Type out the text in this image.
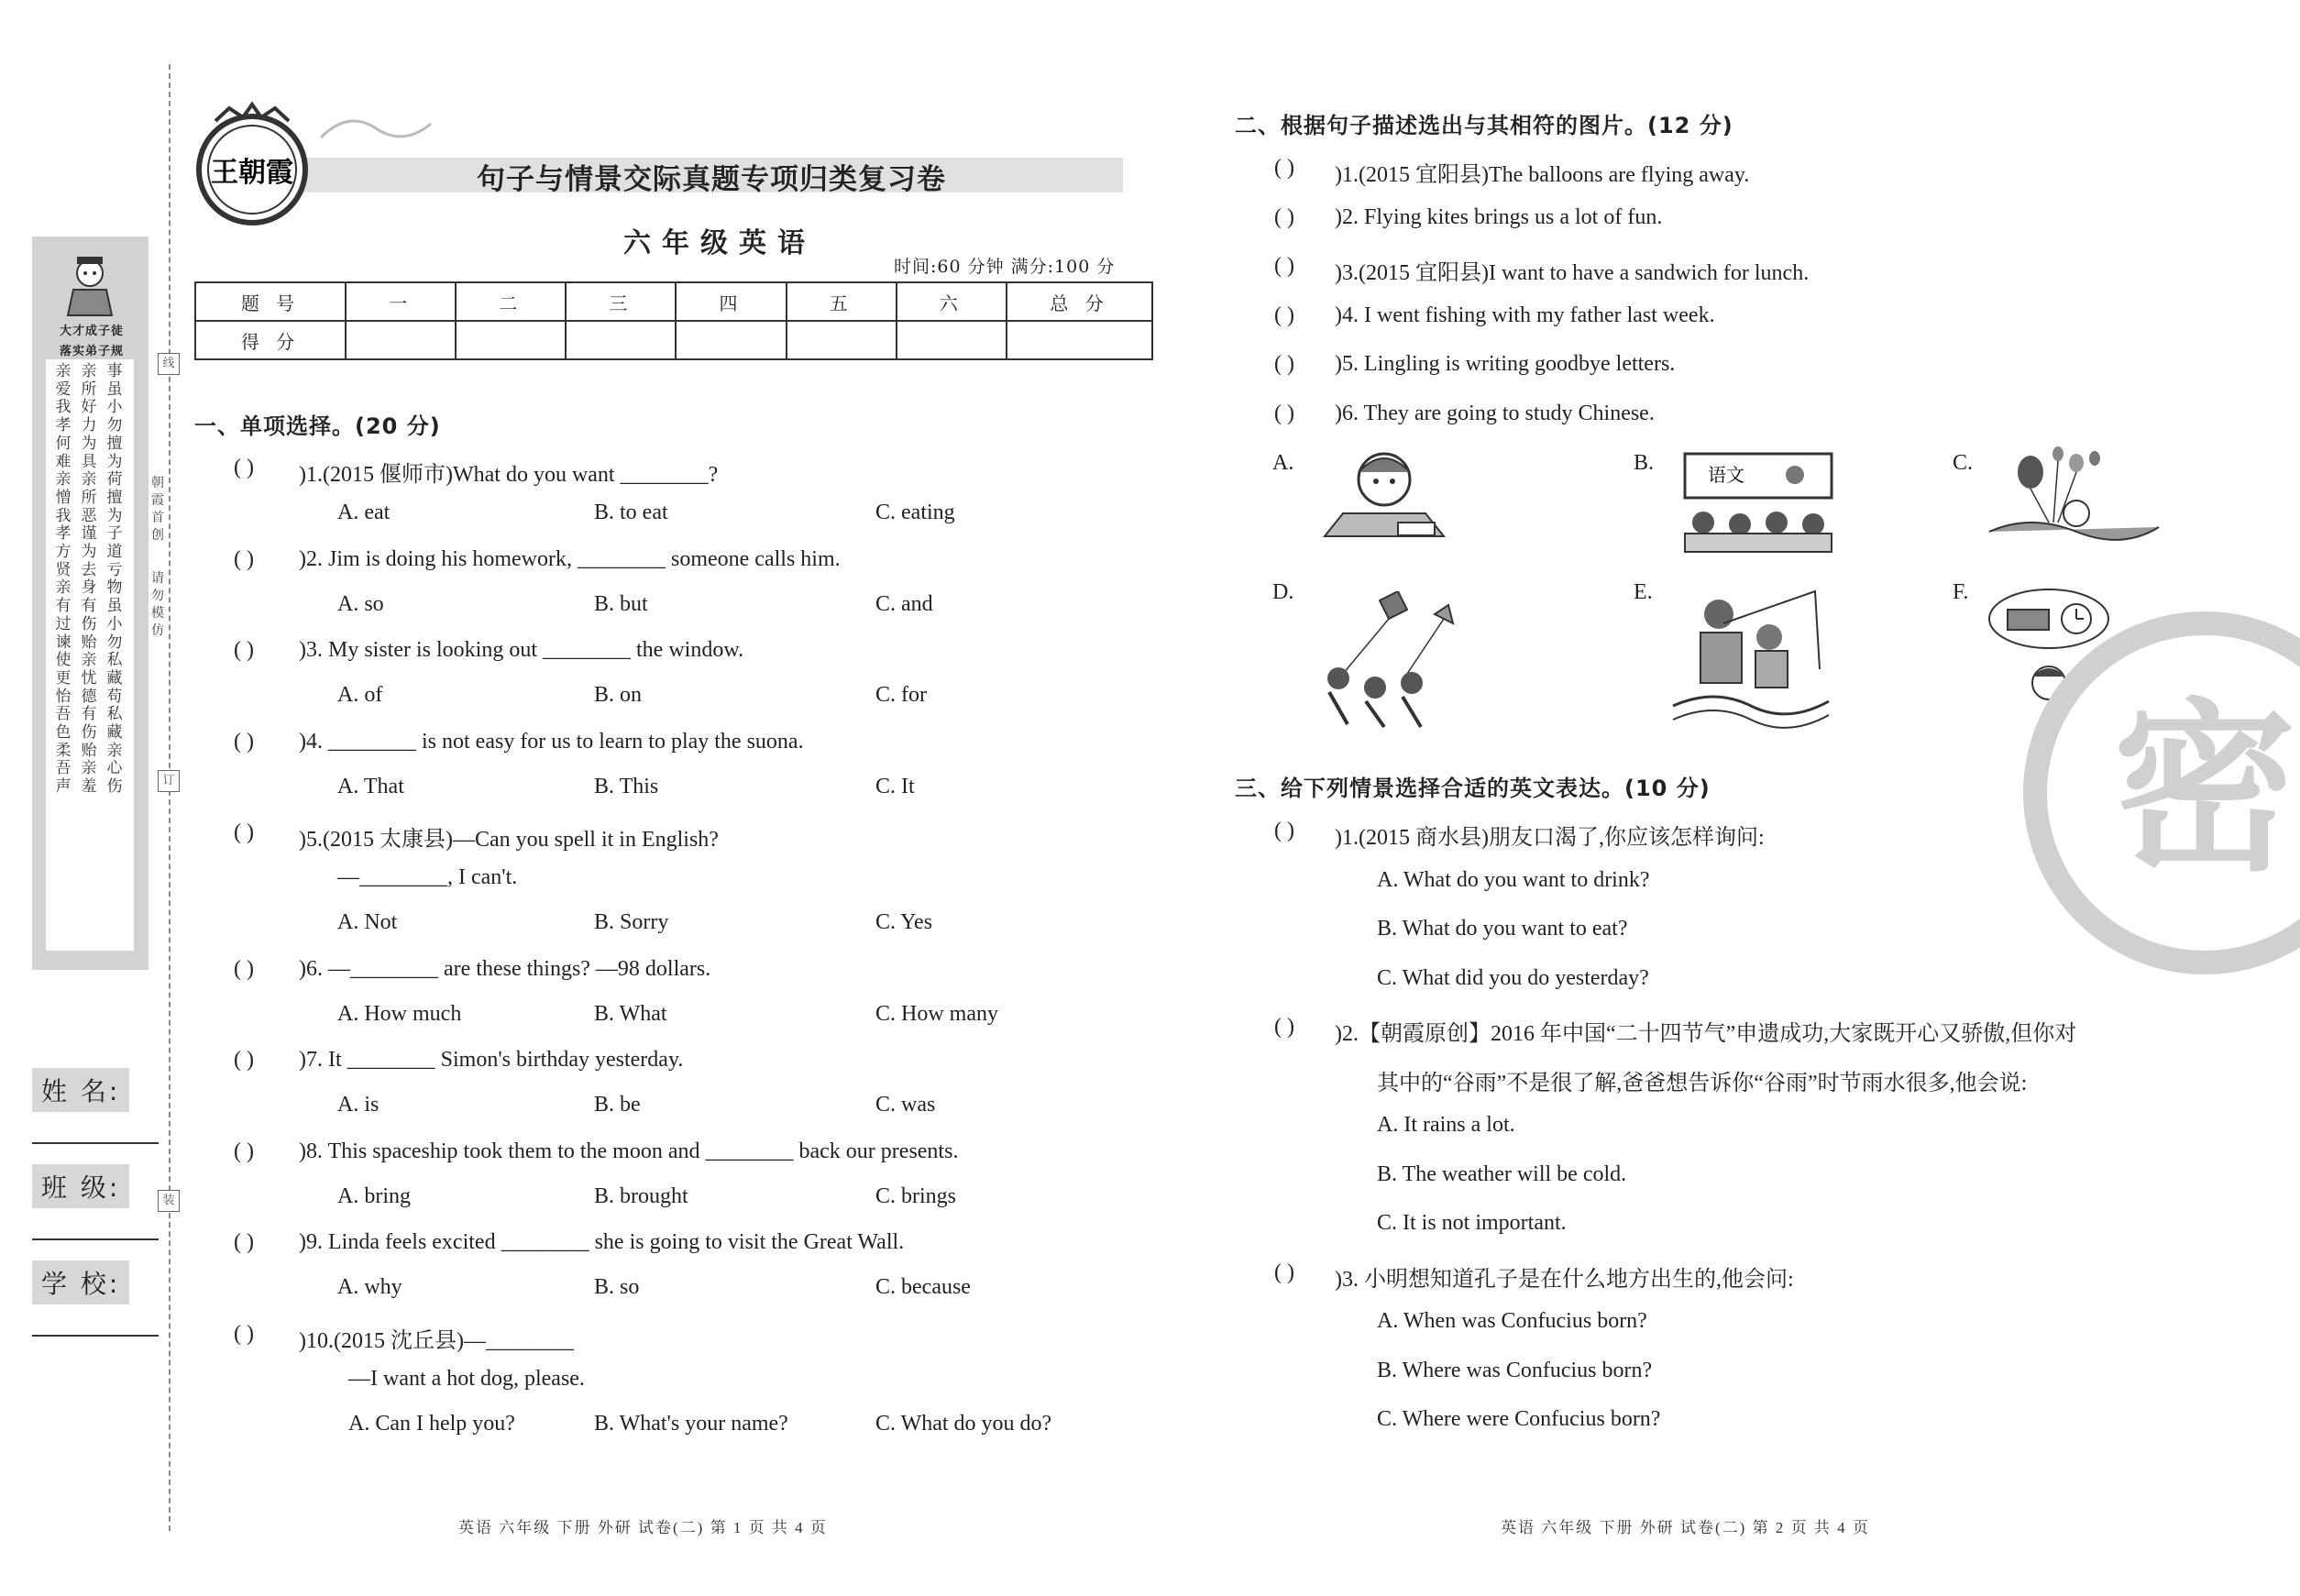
大才成子徒
落实弟子规
事虽小勿擅为荷擅为子道亏物虽小勿私藏苟私藏亲心伤
亲所好力为具亲所恶谨为去身有伤贻亲忧德有伤贻亲羞
亲爱我孝何难亲憎我孝方贤亲有过谏使更怡吾色柔吾声
朝霞首创
请勿模仿
线
订
装
姓 名:
班 级:
学 校:
王朝霞	句子与情景交际真题专项归类复习卷
六年级英语
时间:60 分钟 满分:100 分
题 号	一	二	三	四	五	六	总 分
得 分							
一、单项选择。(20 分)
( ) )1.(2015 偃师市)What do you want ________?
A. eat	B. to eat	C. eating
( ) )2. Jim is doing his homework, ________ someone calls him.
A. so	B. but	C. and
( ) )3. My sister is looking out ________ the window.
A. of	B. on	C. for
( ) )4. ________ is not easy for us to learn to play the suona.
A. That	B. This	C. It
( ) )5.(2015 太康县)—Can you spell it in English?
—________, I can't.
A. Not	B. Sorry	C. Yes
( ) )6. —________ are these things? —98 dollars.
A. How much	B. What	C. How many
( ) )7. It ________ Simon's birthday yesterday.
A. is	B. be	C. was
( ) )8. This spaceship took them to the moon and ________ back our presents.
A. bring	B. brought	C. brings
( ) )9. Linda feels excited ________ she is going to visit the Great Wall.
A. why	B. so	C. because
( ) )10.(2015 沈丘县)—________
—I want a hot dog, please.
A. Can I help you?	B. What's your name?	C. What do you do?
二、根据句子描述选出与其相符的图片。(12 分)
( ) )1.(2015 宜阳县)The balloons are flying away.
( ) )2. Flying kites brings us a lot of fun.
( ) )3.(2015 宜阳县)I want to have a sandwich for lunch.
( ) )4. I went fishing with my father last week.
( ) )5. Lingling is writing goodbye letters.
( ) )6. They are going to study Chinese.
A.	B.	C.
D.	E.	F.
语文
三、给下列情景选择合适的英文表达。(10 分)
( ) )1.(2015 商水县)朋友口渴了,你应该怎样询问:
A. What do you want to drink?
B. What do you want to eat?
C. What did you do yesterday?
( ) )2.【朝霞原创】2016 年中国“二十四节气”申遗成功,大家既开心又骄傲,但你对
其中的“谷雨”不是很了解,爸爸想告诉你“谷雨”时节雨水很多,他会说:
A. It rains a lot.
B. The weather will be cold.
C. It is not important.
( ) )3. 小明想知道孔子是在什么地方出生的,他会问:
A. When was Confucius born?
B. Where was Confucius born?
C. Where were Confucius born?
密
英语 六年级 下册 外研 试卷(二) 第 1 页 共 4 页	英语 六年级 下册 外研 试卷(二) 第 2 页 共 4 页
